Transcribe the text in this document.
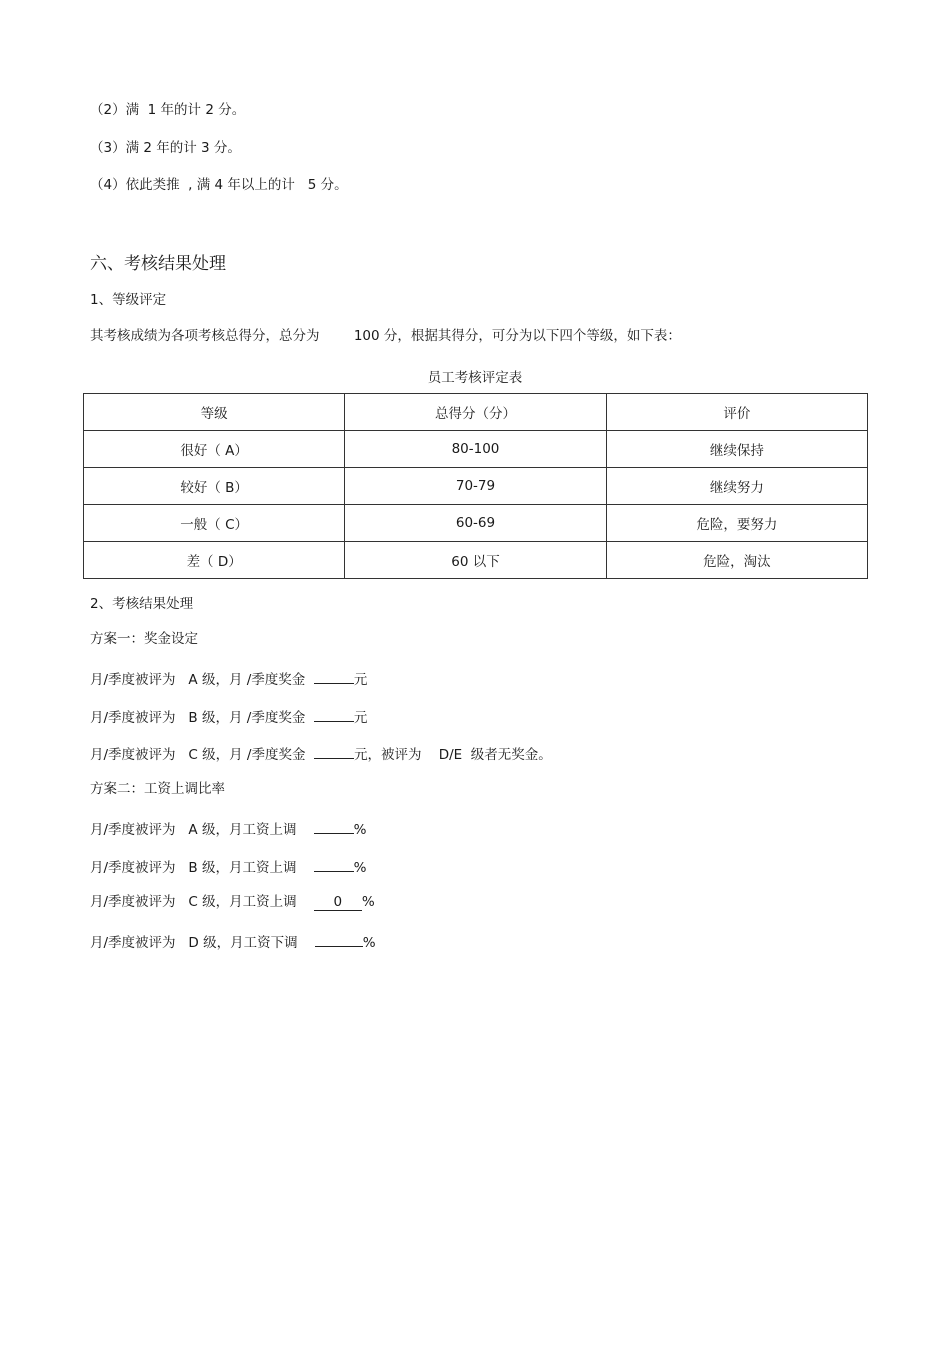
（2）满  1 年的计 2 分。
（3）满 2 年的计 3 分。
（4）依此类推  , 满 4 年以上的计   5 分。
六、考核结果处理
1、等级评定
其考核成绩为各项考核总得分，总分为        100 分，根据其得分，可分为以下四个等级，如下表：
员工考核评定表
等级	总得分（分）	评价
很好（ A）	80-100	继续保持
较好（ B）	70-79	继续努力
一般（ C）	60-69	危险，要努力
差（ D）	60 以下	危险，淘汰
2、考核结果处理
方案一：奖金设定
月/季度被评为   A 级，月 /季度奖金	元
月/季度被评为   B 级，月 /季度奖金	元
月/季度被评为   C 级，月 /季度奖金	元，被评为    D/E  级者无奖金。
方案二：工资上调比率
月/季度被评为   A 级，月工资上调	%
月/季度被评为   B 级，月工资上调	%
月/季度被评为   C 级，月工资上调    0 %
月/季度被评为   D 级，月工资下调	%
